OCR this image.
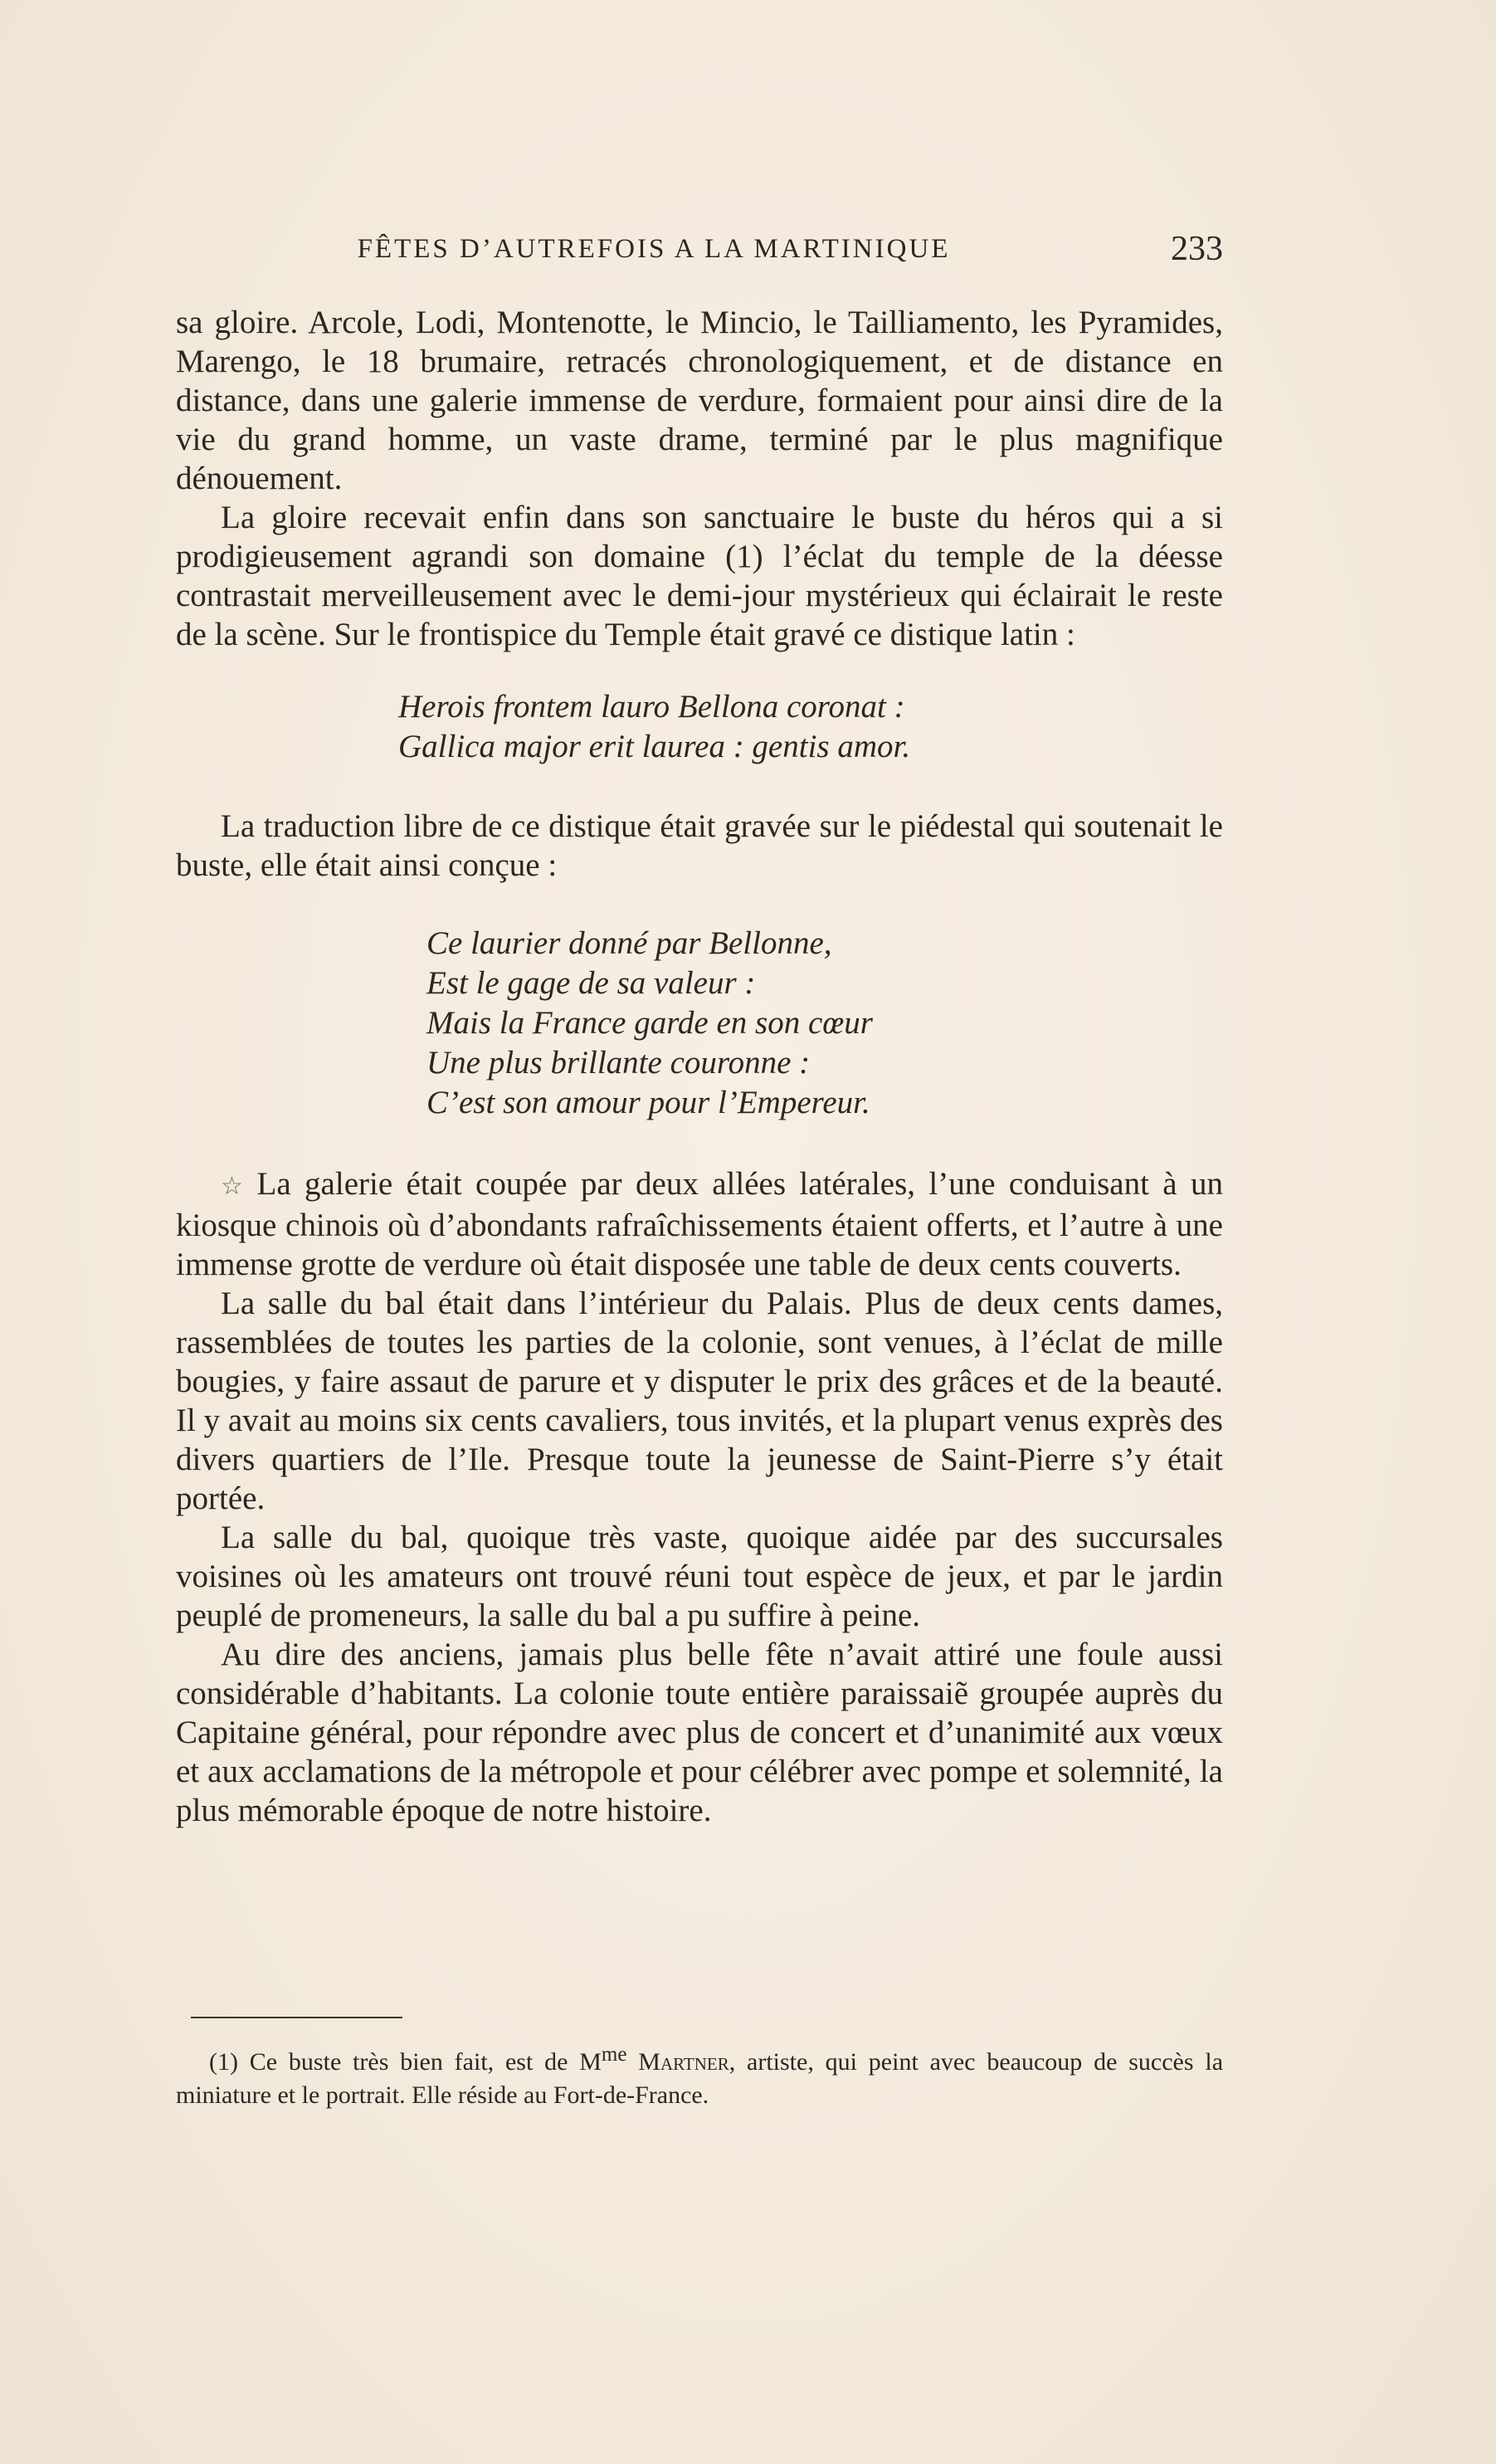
FÊTES D’AUTREFOIS A LA MARTINIQUE	233

sa gloire. Arcole, Lodi, Montenotte, le Mincio, le Tailliamento, les Pyramides, Marengo, le 18 brumaire, retracés chronologiquement, et de distance en distance, dans une galerie immense de verdure, formaient pour ainsi dire de la vie du grand homme, un vaste drame, terminé par le plus magnifique dénouement.

La gloire recevait enfin dans son sanctuaire le buste du héros qui a si prodigieusement agrandi son domaine (1) l’éclat du temple de la déesse contrastait merveilleusement avec le demi-jour mystérieux qui éclairait le reste de la scène. Sur le frontispice du Temple était gravé ce distique latin :

Herois frontem lauro Bellona coronat :
Gallica major erit laurea : gentis amor.

La traduction libre de ce distique était gravée sur le piédestal qui soutenait le buste, elle était ainsi conçue :

Ce laurier donné par Bellonne,
Est le gage de sa valeur :
Mais la France garde en son cœur
Une plus brillante couronne :
C’est son amour pour l’Empereur.

☆ La galerie était coupée par deux allées latérales, l’une conduisant à un kiosque chinois où d’abondants rafraîchissements étaient offerts, et l’autre à une immense grotte de verdure où était disposée une table de deux cents couverts.

La salle du bal était dans l’intérieur du Palais. Plus de deux cents dames, rassemblées de toutes les parties de la colonie, sont venues, à l’éclat de mille bougies, y faire assaut de parure et y disputer le prix des grâces et de la beauté. Il y avait au moins six cents cavaliers, tous invités, et la plupart venus exprès des divers quartiers de l’Ile. Presque toute la jeunesse de Saint-Pierre s’y était portée.

La salle du bal, quoique très vaste, quoique aidée par des succursales voisines où les amateurs ont trouvé réuni tout espèce de jeux, et par le jardin peuplé de promeneurs, la salle du bal a pu suffire à peine.

Au dire des anciens, jamais plus belle fête n’avait attiré une foule aussi considérable d’habitants. La colonie toute entière paraissaiẽ groupée auprès du Capitaine général, pour répondre avec plus de concert et d’unanimité aux vœux et aux acclamations de la métropole et pour célébrer avec pompe et solemnité, la plus mémorable époque de notre histoire.

(1) Ce buste très bien fait, est de $M^{me}$ Martner, artiste, qui peint avec beaucoup de succès la miniature et le portrait. Elle réside au Fort-de-France.
